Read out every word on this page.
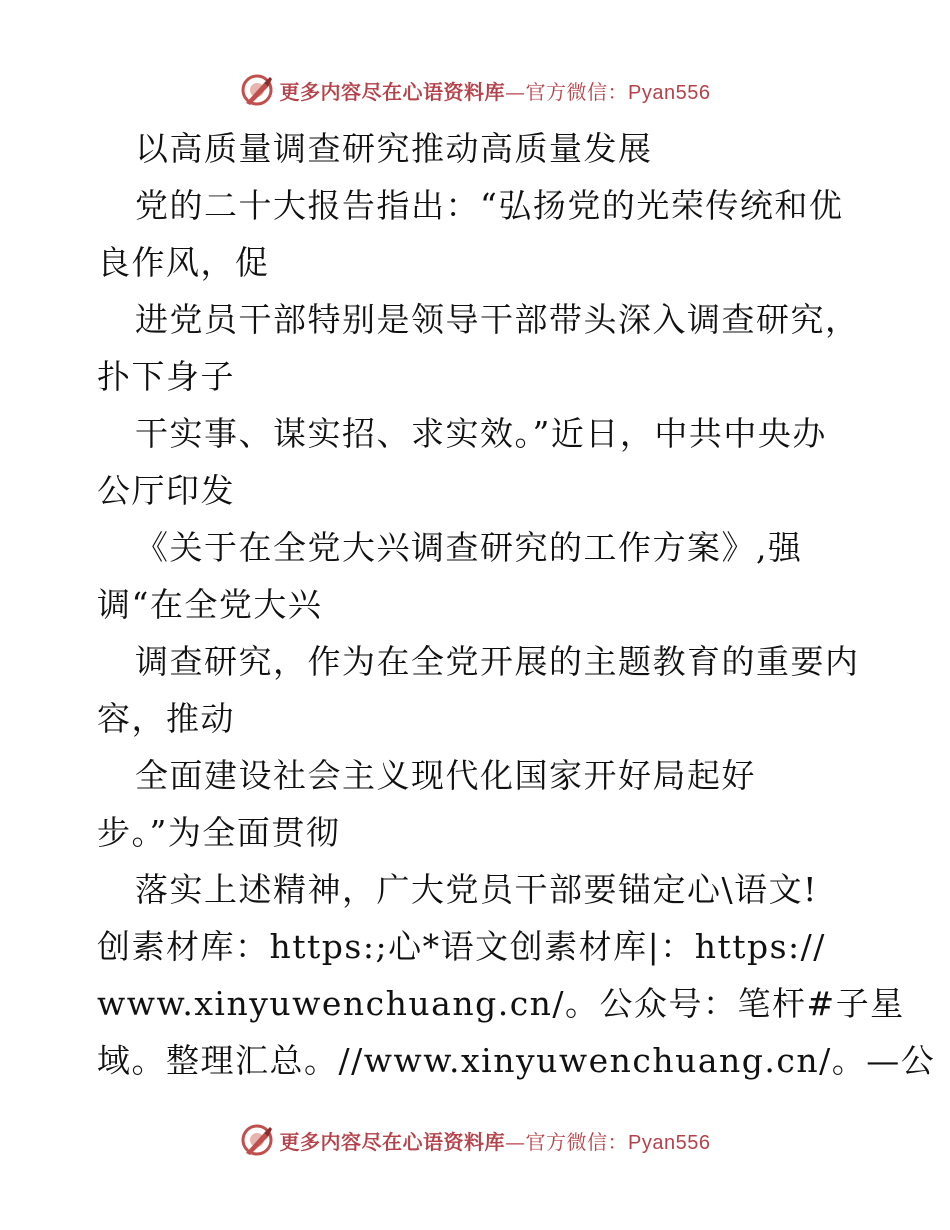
更多内容尽在心语资料库—官方微信：Pyan556
以高质量调查研究推动高质量发展
党的二十大报告指出：“弘扬党的光荣传统和优
良作风，促
进党员干部特别是领导干部带头深入调查研究，
扑下身子
干实事、谋实招、求实效。”近日，中共中央办
公厅印发
《关于在全党大兴调查研究的工作方案》,强
调“在全党大兴
调查研究，作为在全党开展的主题教育的重要内
容，推动
全面建设社会主义现代化国家开好局起好
步。”为全面贯彻
落实上述精神，广大党员干部要锚定心\语文!
创素材库：https:;心*语文创素材库|：https://
www.xinyuwenchuang.cn/。公众号：笔杆#子星
域。整理汇总。//www.xinyuwenchuang.cn/。—公
更多内容尽在心语资料库—官方微信：Pyan556
